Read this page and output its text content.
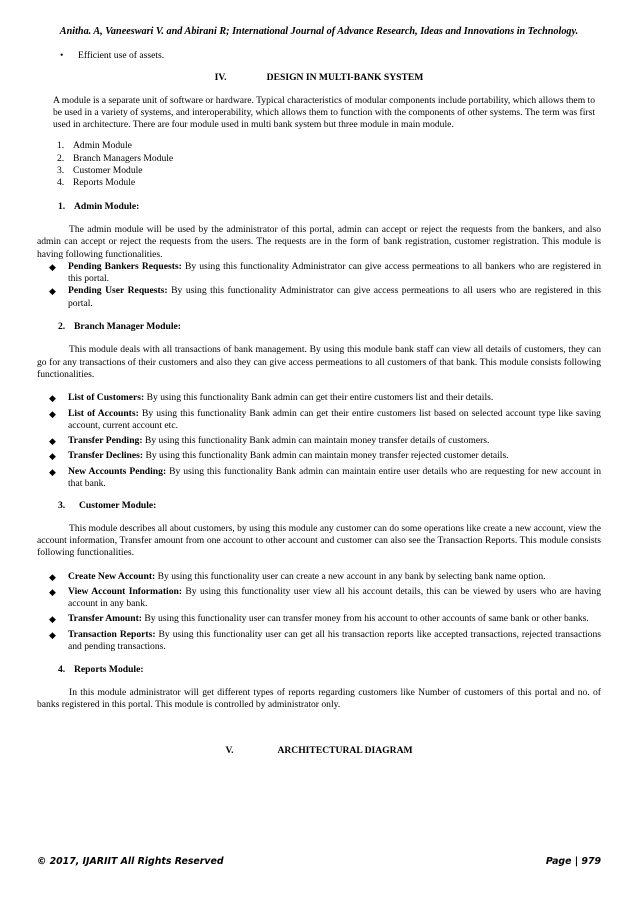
Anitha. A, Vaneeswari V. and Abirani R; International Journal of Advance Research, Ideas and Innovations in Technology.

• Efficient use of assets.

IV.	DESIGN IN MULTI-BANK SYSTEM

A module is a separate unit of software or hardware. Typical characteristics of modular components include portability, which allows them to be used in a variety of systems, and interoperability, which allows them to function with the components of other systems. The term was first used in architecture. There are four module used in multi bank system but three module in main module.

1. Admin Module
2. Branch Managers Module
3. Customer Module
4. Reports Module

1. Admin Module:

The admin module will be used by the administrator of this portal, admin can accept or reject the requests from the bankers, and also admin can accept or reject the requests from the users. The requests are in the form of bank registration, customer registration. This module is having following functionalities.

◆ Pending Bankers Requests: By using this functionality Administrator can give access permeations to all bankers who are registered in this portal.

◆ Pending User Requests: By using this functionality Administrator can give access permeations to all users who are registered in this portal.

2. Branch Manager Module:

This module deals with all transactions of bank management. By using this module bank staff can view all details of customers, they can go for any transactions of their customers and also they can give access permeations to all customers of that bank. This module consists following functionalities.

◆ List of Customers: By using this functionality Bank admin can get their entire customers list and their details.

◆ List of Accounts: By using this functionality Bank admin can get their entire customers list based on selected account type like saving account, current account etc.

◆ Transfer Pending: By using this functionality Bank admin can maintain money transfer details of customers.

◆ Transfer Declines: By using this functionality Bank admin can maintain money transfer rejected customer details.

◆ New Accounts Pending: By using this functionality Bank admin can maintain entire user details who are requesting for new account in that bank.

3. Customer Module:

This module describes all about customers, by using this module any customer can do some operations like create a new account, view the account information, Transfer amount from one account to other account and customer can also see the Transaction Reports. This module consists following functionalities.

◆ Create New Account: By using this functionality user can create a new account in any bank by selecting bank name option.

◆ View Account Information: By using this functionality user view all his account details, this can be viewed by users who are having account in any bank.

◆ Transfer Amount: By using this functionality user can transfer money from his account to other accounts of same bank or other banks.

◆ Transaction Reports: By using this functionality user can get all his transaction reports like accepted transactions, rejected transactions and pending transactions.

4. Reports Module:

In this module administrator will get different types of reports regarding customers like Number of customers of this portal and no. of banks registered in this portal. This module is controlled by administrator only.

V.	ARCHITECTURAL DIAGRAM

© 2017, IJARIIT All Rights Reserved	Page | 979
